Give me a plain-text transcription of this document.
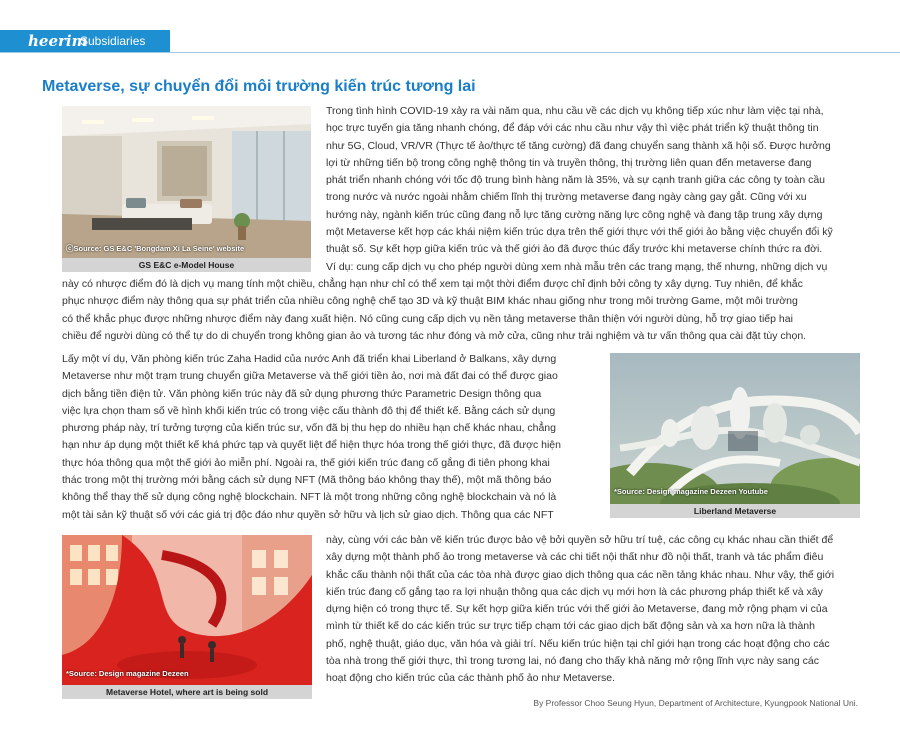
heerim
Subsidiaries
Metaverse, sự chuyển đổi môi trường kiến trúc tương lai
ⓒSource: GS E&C 'Bongdam Xi La Seine' website
GS E&C e-Model House
*Source: Design magazine Dezeen Youtube
Liberland Metaverse
*Source: Design magazine Dezeen
Metaverse Hotel, where art is being sold
Trong tình hình COVID-19 xảy ra vài năm qua, nhu cầu về các dịch vụ không tiếp xúc như làm việc tại nhà,
học trực tuyến gia tăng nhanh chóng, để đáp với các nhu cầu như vậy thì việc phát triển kỹ thuật thông tin
như 5G, Cloud, VR/VR (Thực tế ảo/thực tế tăng cường) đã đang chuyển sang thành xã hội số. Được hưởng
lợi từ những tiến bộ trong công nghệ thông tin và truyền thông, thị trường liên quan đến metaverse đang
phát triển nhanh chóng với tốc độ trung bình hàng năm là 35%, và sự cạnh tranh giữa các công ty toàn cầu
trong nước và nước ngoài nhằm chiếm lĩnh thị trường metaverse đang ngày càng gay gắt. Cũng với xu
hướng này, ngành kiến trúc cũng đang nỗ lực tăng cường năng lực công nghệ và đang tập trung xây dựng
một Metaverse kết hợp các khái niệm kiến trúc dựa trên thế giới thực với thế giới ảo bằng việc chuyển đổi kỹ
thuật số. Sự kết hợp giữa kiến trúc và thế giới ảo đã được thúc đẩy trước khi metaverse chính thức ra đời.
Ví dụ: cung cấp dịch vụ cho phép người dùng xem nhà mẫu trên các trang mạng, thế nhưng, những dịch vụ
này có nhược điểm đó là dịch vụ mang tính một chiều, chẳng hạn như chỉ có thể xem tại một thời điểm được chỉ định bởi công ty xây dựng. Tuy nhiên, để khắc
phục nhược điểm này thông qua sự phát triển của nhiều công nghệ chế tạo 3D và kỹ thuật BIM khác nhau giống như trong môi trường Game, một môi trường
có thể khắc phục được những nhược điểm này đang xuất hiện. Nó cũng cung cấp dịch vụ nền tảng metaverse thân thiện với người dùng, hỗ trợ giao tiếp hai
chiều để người dùng có thể tự do di chuyển trong không gian ảo và tương tác như đóng và mở cửa, cũng như trải nghiệm và tư vấn thông qua cài đặt tùy chọn.
Lấy một ví dụ, Văn phòng kiến trúc Zaha Hadid của nước Anh đã triển khai Liberland ở Balkans, xây dựng
Metaverse như một trạm trung chuyển giữa Metaverse và thế giới tiền ảo, nơi mà đất đai có thể được giao
dịch bằng tiền điện tử. Văn phòng kiến trúc này đã sử dụng phương thức Parametric Design thông qua
việc lựa chọn tham số về hình khối kiến trúc có trong việc cấu thành đô thị để thiết kế. Bằng cách sử dụng
phương pháp này, trí tưởng tượng của kiến trúc sư, vốn đã bị thu hẹp do nhiều hạn chế khác nhau, chẳng
hạn như áp dụng một thiết kế khá phức tạp và quyết liệt để hiện thực hóa trong thế giới thực, đã được hiện
thực hóa thông qua một thế giới ảo miễn phí. Ngoài ra, thế giới kiến trúc đang cố gắng đi tiên phong khai
thác trong một thị trường mới bằng cách sử dụng NFT (Mã thông báo không thay thế), một mã thông báo
không thể thay thế sử dụng công nghệ blockchain. NFT là một trong những công nghệ blockchain và nó là
một tài sản kỹ thuật số với các giá trị độc đáo như quyền sở hữu và lịch sử giao dịch. Thông qua các NFT
này, cùng với các bản vẽ kiến trúc được bảo vệ bởi quyền sở hữu trí tuệ, các công cụ khác nhau cần thiết để
xây dựng một thành phố ảo trong metaverse và các chi tiết nội thất như đồ nội thất, tranh và tác phẩm điêu
khắc cấu thành nội thất của các tòa nhà được giao dịch thông qua các nền tảng khác nhau. Như vậy, thế giới
kiến trúc đang cố gắng tạo ra lợi nhuận thông qua các dịch vụ mới hơn là các phương pháp thiết kế và xây
dựng hiện có trong thực tế. Sự kết hợp giữa kiến trúc với thế giới ảo Metaverse, đang mở rộng phạm vi của
mình từ thiết kế do các kiến trúc sư trực tiếp chạm tới các giao dịch bất động sản và xa hơn nữa là thành
phố, nghệ thuật, giáo dục, văn hóa và giải trí. Nếu kiến trúc hiện tại chỉ giới hạn trong các hoạt động cho các
tòa nhà trong thế giới thực, thì trong tương lai, nó đang cho thấy khả năng mở rộng lĩnh vực này sang các
hoạt động cho kiến trúc của các thành phố ảo như Metaverse.
By Professor Choo Seung Hyun, Department of Architecture, Kyungpook National Uni.
